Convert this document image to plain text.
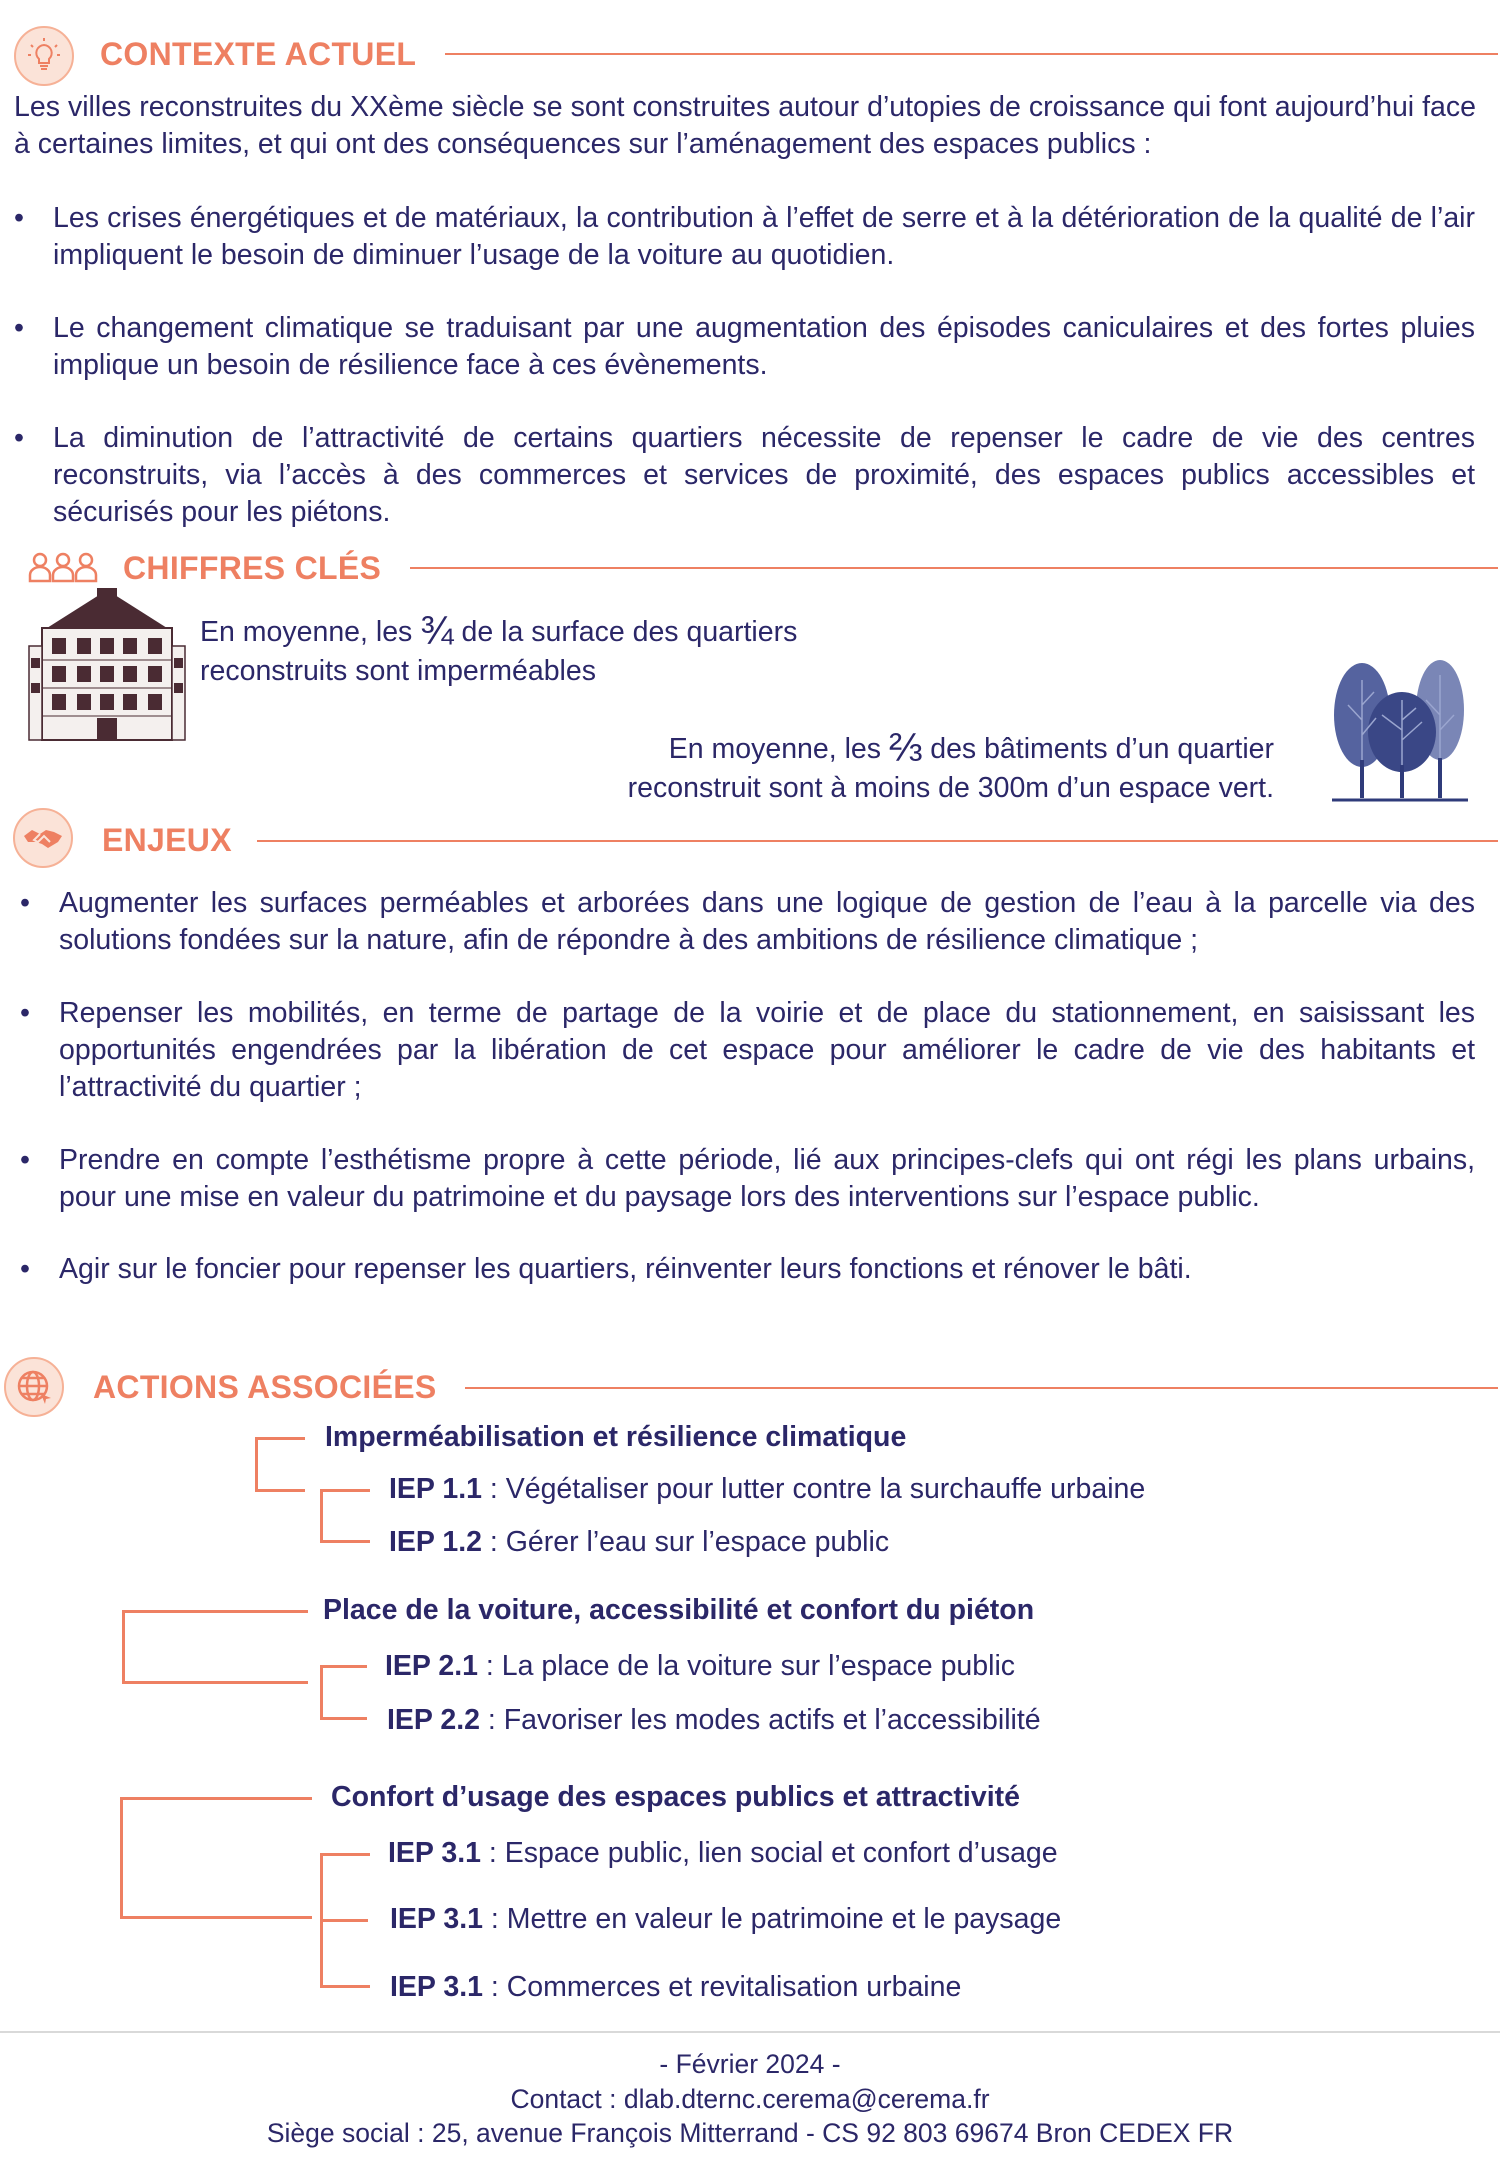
CONTEXTE ACTUEL
Les villes reconstruites du XXème siècle se sont construites autour d’utopies de croissance qui font aujourd’hui face à certaines limites, et qui ont des conséquences sur l’aménagement des espaces publics :
• Les crises énergétiques et de matériaux, la contribution à l’effet de serre et à la détérioration de la qualité de l’air impliquent le besoin de diminuer l’usage de la voiture au quotidien.
• Le changement climatique se traduisant par une augmentation des épisodes caniculaires et des fortes pluies implique un besoin de résilience face à ces évènements.
• La diminution de l’attractivité de certains quartiers nécessite de repenser le cadre de vie des centres reconstruits, via l’accès à des commerces et services de proximité, des espaces publics accessibles et sécurisés pour les piétons.
CHIFFRES CLÉS
En moyenne, les ¾ de la surface des quartiers
reconstruits sont imperméables
En moyenne, les ⅔ des bâtiments d’un quartier
reconstruit sont à moins de 300m d’un espace vert.
ENJEUX
• Augmenter les surfaces perméables et arborées dans une logique de gestion de l’eau à la parcelle via des solutions fondées sur la nature, afin de répondre à des ambitions de résilience climatique ;
• Repenser les mobilités, en terme de partage de la voirie et de place du stationnement, en saisissant les opportunités engendrées par la libération de cet espace pour améliorer le cadre de vie des habitants et l’attractivité du quartier ;
• Prendre en compte l’esthétisme propre à cette période, lié aux principes-clefs qui ont régi les plans urbains, pour une mise en valeur du patrimoine et du paysage lors des interventions sur l’espace public.
• Agir sur le foncier pour repenser les quartiers, réinventer leurs fonctions et rénover le bâti.
ACTIONS ASSOCIÉES
Imperméabilisation et résilience climatique
IEP 1.1 : Végétaliser pour lutter contre la surchauffe urbaine
IEP 1.2 : Gérer l’eau sur l’espace public
Place de la voiture, accessibilité et confort du piéton
IEP 2.1 : La place de la voiture sur l’espace public
IEP 2.2 : Favoriser les modes actifs et l’accessibilité
Confort d’usage des espaces publics et attractivité
IEP 3.1 : Espace public, lien social et confort d’usage
IEP 3.1 : Mettre en valeur le patrimoine et le paysage
IEP 3.1 : Commerces et revitalisation urbaine
- Février 2024 -
Contact : dlab.dternc.cerema@cerema.fr
Siège social : 25, avenue François Mitterrand - CS 92 803 69674 Bron CEDEX FR
